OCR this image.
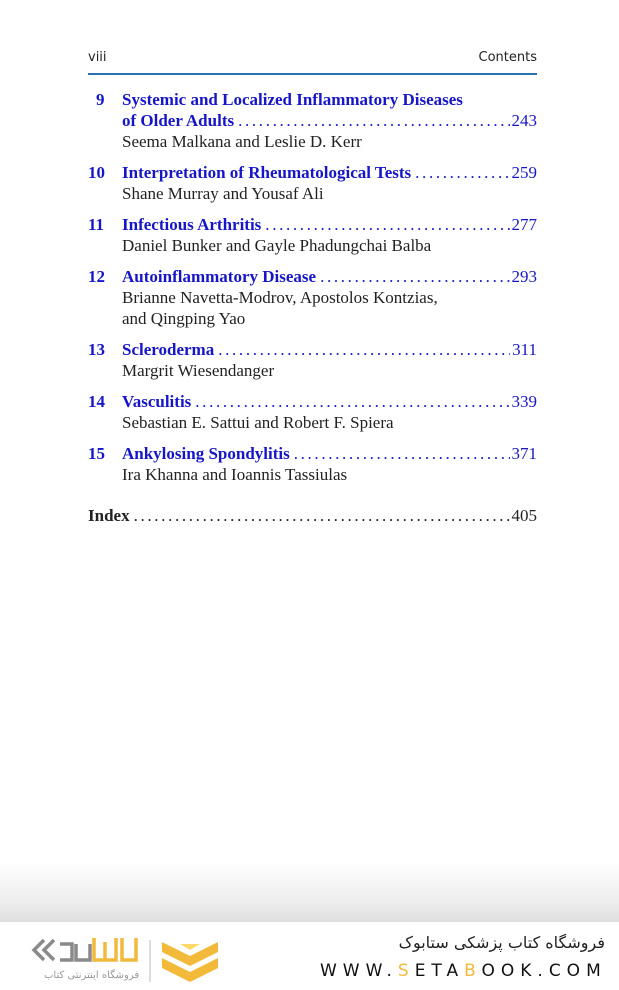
viii	Contents
9	Systemic and Localized Inflammatory Diseases
of Older Adults . . .	243
Seema Malkana and Leslie D. Kerr
10	Interpretation of Rheumatological Tests . . .	259
Shane Murray and Yousaf Ali
11	Infectious Arthritis . . .	277
Daniel Bunker and Gayle Phadungchai Balba
12	Autoinflammatory Disease . . .	293
Brianne Navetta-Modrov, Apostolos Kontzias,
and Qingping Yao
13	Scleroderma . . .	311
Margrit Wiesendanger
14	Vasculitis . . .	339
Sebastian E. Sattui and Robert F. Spiera
15	Ankylosing Spondylitis . . .	371
Ira Khanna and Ioannis Tassiulas
Index . . .	405
فروشگاه اینترنتی کتاب
فروشگاه کتاب پزشکی ستابوک
WWW.SETABOOK.COM
